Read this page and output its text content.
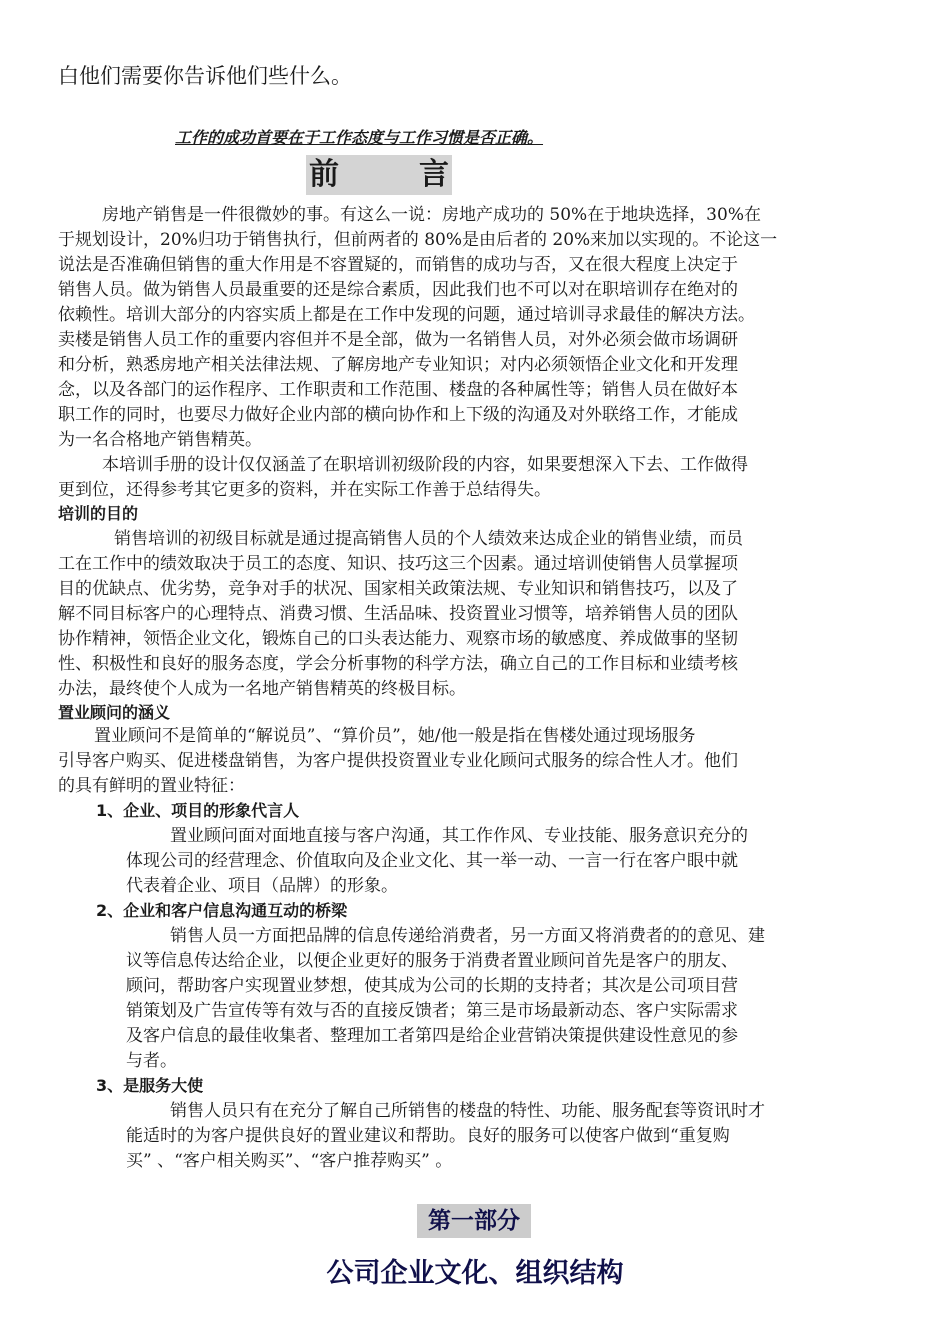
白他们需要你告诉他们些什么。
工作的成功首要在于工作态度与工作习惯是否正确。
前	言
房地产销售是一件很微妙的事。有这么一说：房地产成功的 50%在于地块选择，30%在
于规划设计，20%归功于销售执行，但前两者的 80%是由后者的 20%来加以实现的。不论这一
说法是否准确但销售的重大作用是不容置疑的，而销售的成功与否，又在很大程度上决定于
销售人员。做为销售人员最重要的还是综合素质，因此我们也不可以对在职培训存在绝对的
依赖性。培训大部分的内容实质上都是在工作中发现的问题，通过培训寻求最佳的解决方法。
卖楼是销售人员工作的重要内容但并不是全部，做为一名销售人员，对外必须会做市场调研
和分析，熟悉房地产相关法律法规、了解房地产专业知识；对内必须领悟企业文化和开发理
念，以及各部门的运作程序、工作职责和工作范围、楼盘的各种属性等；销售人员在做好本
职工作的同时，也要尽力做好企业内部的横向协作和上下级的沟通及对外联络工作，才能成
为一名合格地产销售精英。
本培训手册的设计仅仅涵盖了在职培训初级阶段的内容，如果要想深入下去、工作做得
更到位，还得参考其它更多的资料，并在实际工作善于总结得失。
培训的目的
销售培训的初级目标就是通过提高销售人员的个人绩效来达成企业的销售业绩，而员
工在工作中的绩效取决于员工的态度、知识、技巧这三个因素。通过培训使销售人员掌握项
目的优缺点、优劣势，竞争对手的状况、国家相关政策法规、专业知识和销售技巧，以及了
解不同目标客户的心理特点、消费习惯、生活品味、投资置业习惯等，培养销售人员的团队
协作精神，领悟企业文化，锻炼自己的口头表达能力、观察市场的敏感度、养成做事的坚韧
性、积极性和良好的服务态度，学会分析事物的科学方法，确立自己的工作目标和业绩考核
办法，最终使个人成为一名地产销售精英的终极目标。
置业顾问的涵义
置业顾问不是简单的“解说员”、“算价员”，她/他一般是指在售楼处通过现场服务
引导客户购买、促进楼盘销售，为客户提供投资置业专业化顾问式服务的综合性人才。他们
的具有鲜明的置业特征：
1、企业、项目的形象代言人
置业顾问面对面地直接与客户沟通，其工作作风、专业技能、服务意识充分的
体现公司的经营理念、价值取向及企业文化、其一举一动、一言一行在客户眼中就
代表着企业、项目（品牌）的形象。
2、企业和客户信息沟通互动的桥梁
销售人员一方面把品牌的信息传递给消费者，另一方面又将消费者的的意见、建
议等信息传达给企业，以便企业更好的服务于消费者置业顾问首先是客户的朋友、
顾问，帮助客户实现置业梦想，使其成为公司的长期的支持者；其次是公司项目营
销策划及广告宣传等有效与否的直接反馈者；第三是市场最新动态、客户实际需求
及客户信息的最佳收集者、整理加工者第四是给企业营销决策提供建设性意见的参
与者。
3、是服务大使
销售人员只有在充分了解自己所销售的楼盘的特性、功能、服务配套等资讯时才
能适时的为客户提供良好的置业建议和帮助。良好的服务可以使客户做到“重复购
买” 、“客户相关购买”、“客户推荐购买” 。
第一部分
公司企业文化、组织结构
